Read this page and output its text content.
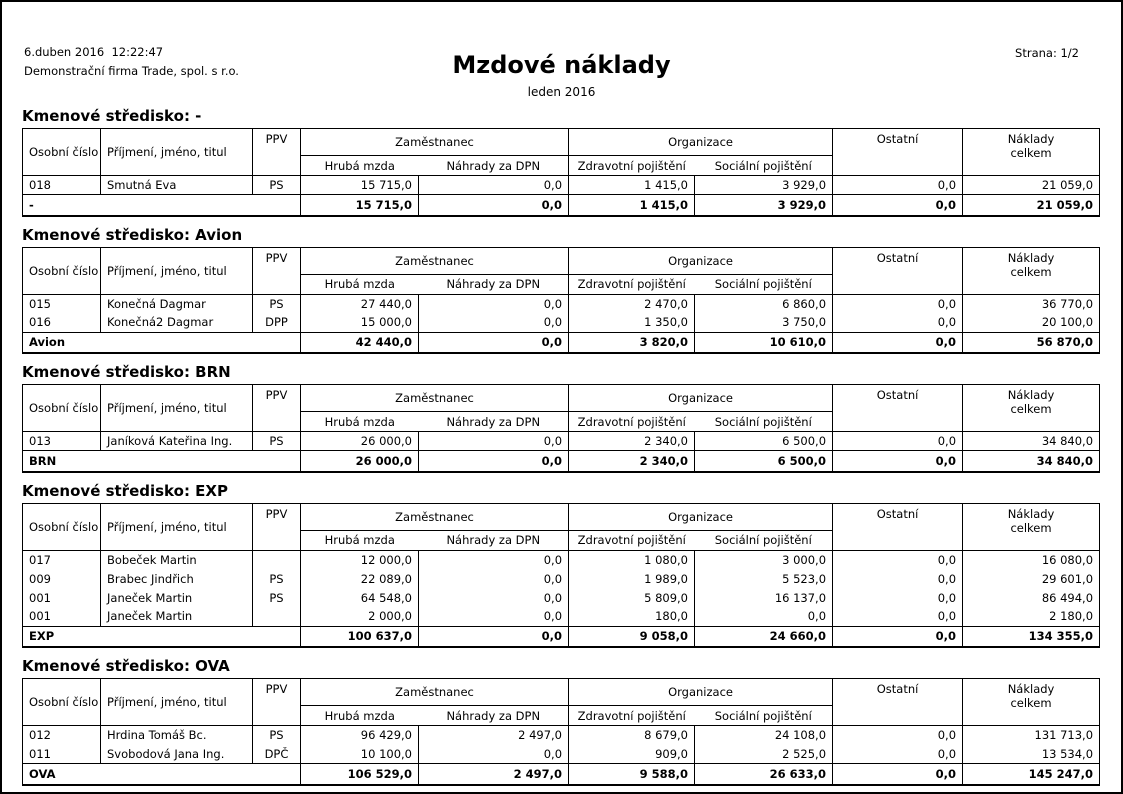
6.duben 2016  12:22:47
Demonstrační firma Trade, spol. s r.o.
Strana: 1/2
Mzdové náklady
leden 2016
Kmenové středisko: -
Osobní číslo	Příjmení, jméno, titul	PPV	Zaměstnanec		Organizace		Ostatní	Náklady
celkem
			Hrubá mzda	Náhrady za DPN	Zdravotní pojištění	Sociální pojištění		
018	Smutná Eva	PS	15 715,0	0,0	1 415,0	3 929,0	0,0	21 059,0
-			15 715,0	0,0	1 415,0	3 929,0	0,0	21 059,0
Kmenové středisko: Avion
Osobní číslo	Příjmení, jméno, titul	PPV	Zaměstnanec		Organizace		Ostatní	Náklady
celkem
			Hrubá mzda	Náhrady za DPN	Zdravotní pojištění	Sociální pojištění		
015	Konečná Dagmar	PS	27 440,0	0,0	2 470,0	6 860,0	0,0	36 770,0
016	Konečná2 Dagmar	DPP	15 000,0	0,0	1 350,0	3 750,0	0,0	20 100,0
Avion			42 440,0	0,0	3 820,0	10 610,0	0,0	56 870,0
Kmenové středisko: BRN
Osobní číslo	Příjmení, jméno, titul	PPV	Zaměstnanec		Organizace		Ostatní	Náklady
celkem
			Hrubá mzda	Náhrady za DPN	Zdravotní pojištění	Sociální pojištění		
013	Janíková Kateřina Ing.	PS	26 000,0	0,0	2 340,0	6 500,0	0,0	34 840,0
BRN			26 000,0	0,0	2 340,0	6 500,0	0,0	34 840,0
Kmenové středisko: EXP
Osobní číslo	Příjmení, jméno, titul	PPV	Zaměstnanec		Organizace		Ostatní	Náklady
celkem
			Hrubá mzda	Náhrady za DPN	Zdravotní pojištění	Sociální pojištění		
017	Bobeček Martin		12 000,0	0,0	1 080,0	3 000,0	0,0	16 080,0
009	Brabec Jindřich	PS	22 089,0	0,0	1 989,0	5 523,0	0,0	29 601,0
001	Janeček Martin	PS	64 548,0	0,0	5 809,0	16 137,0	0,0	86 494,0
001	Janeček Martin		2 000,0	0,0	180,0	0,0	0,0	2 180,0
EXP			100 637,0	0,0	9 058,0	24 660,0	0,0	134 355,0
Kmenové středisko: OVA
Osobní číslo	Příjmení, jméno, titul	PPV	Zaměstnanec		Organizace		Ostatní	Náklady
celkem
			Hrubá mzda	Náhrady za DPN	Zdravotní pojištění	Sociální pojištění		
012	Hrdina Tomáš Bc.	PS	96 429,0	2 497,0	8 679,0	24 108,0	0,0	131 713,0
011	Svobodová Jana Ing.	DPČ	10 100,0	0,0	909,0	2 525,0	0,0	13 534,0
OVA			106 529,0	2 497,0	9 588,0	26 633,0	0,0	145 247,0
